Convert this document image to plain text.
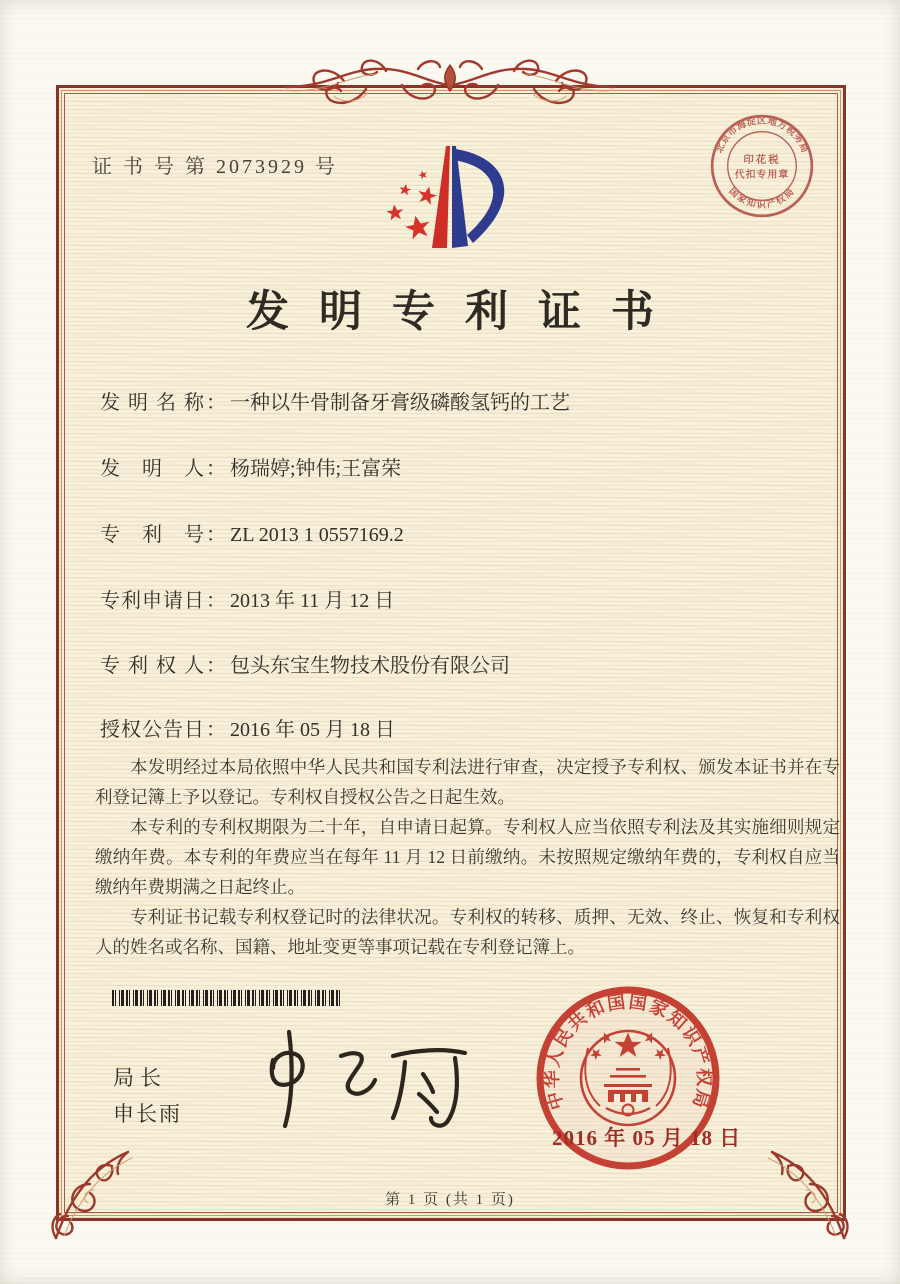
证 书 号 第 2073929 号
北京市海淀区地方税务局
国家知识产权局
印花税
代扣专用章
发明专利证书
发明名称 ： 一种以牛骨制备牙膏级磷酸氢钙的工艺
发明人 ： 杨瑞婷;钟伟;王富荣
专利号 ： ZL 2013 1 0557169.2
专利申请日 ： 2013 年 11 月 12 日
专利权人 ： 包头东宝生物技术股份有限公司
授权公告日 ： 2016 年 05 月 18 日

本发明经过本局依照中华人民共和国专利法进行审查，决定授予专利权、颁发本证书并在专利登记簿上予以登记。专利权自授权公告之日起生效。

本专利的专利权期限为二十年，自申请日起算。专利权人应当依照专利法及其实施细则规定缴纳年费。本专利的年费应当在每年 11 月 12 日前缴纳。未按照规定缴纳年费的，专利权自应当缴纳年费期满之日起终止。

专利证书记载专利权登记时的法律状况。专利权的转移、质押、无效、终止、恢复和专利权人的姓名或名称、国籍、地址变更等事项记载在专利登记簿上。

局长
申长雨
中华人民共和国国家知识产权局
2016 年 05 月 18 日
第 1 页 (共 1 页)
